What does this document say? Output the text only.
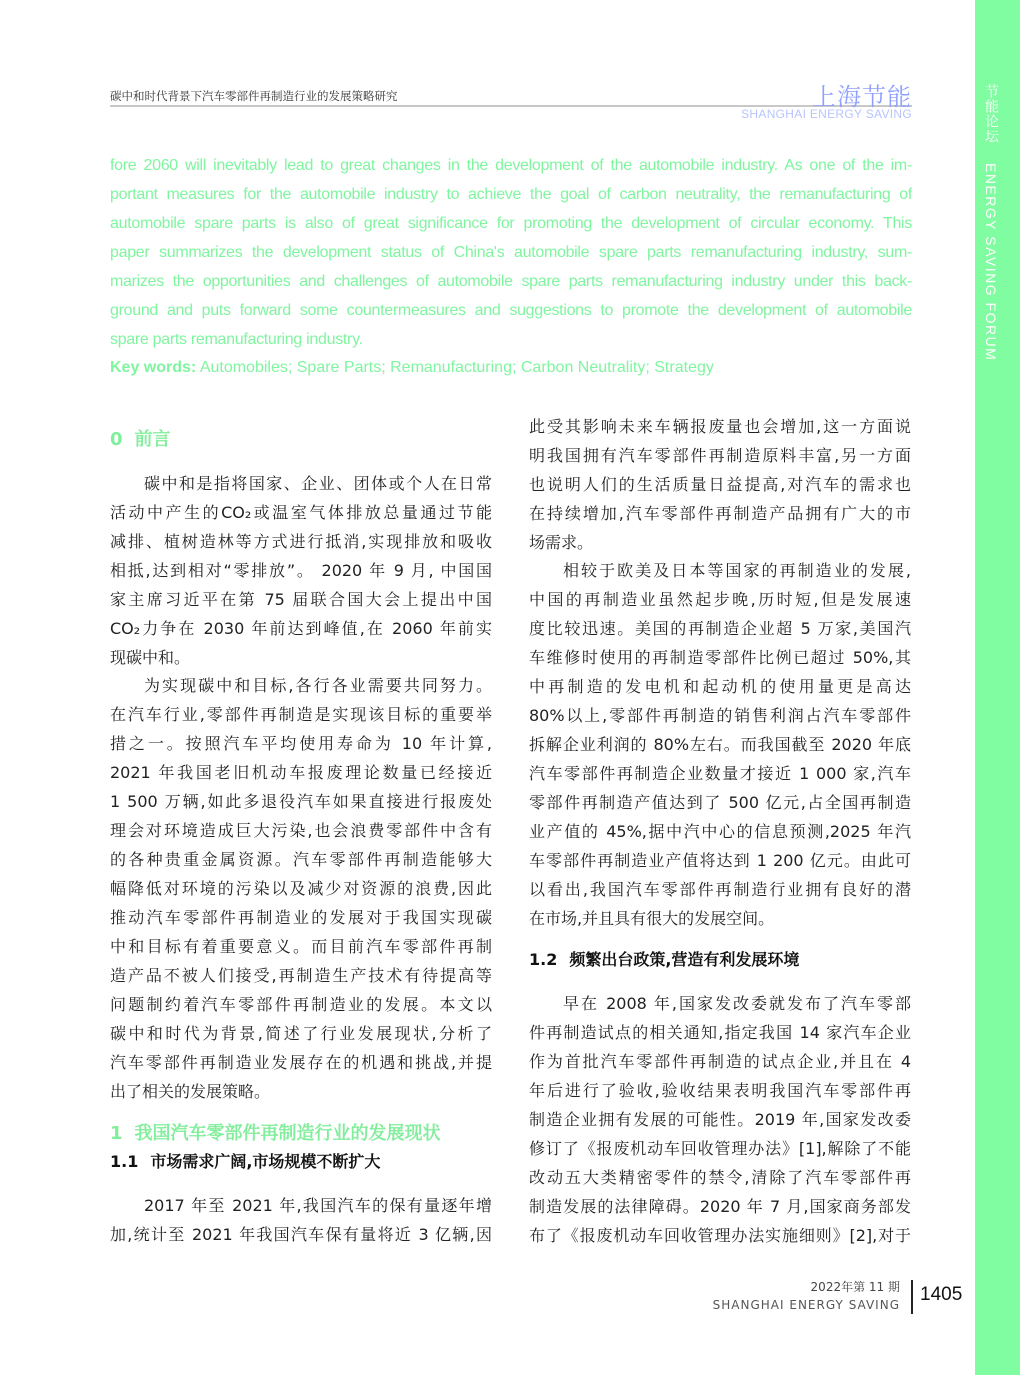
节能论坛 ENERGY SAVING FORUM
碳中和时代背景下汽车零部件再制造行业的发展策略研究	上海节能
SHANGHAI ENERGY SAVING
fore 2060 will inevitably lead to great changes in the development of the automobile industry. As one of the im-
portant measures for the automobile industry to achieve the goal of carbon neutrality, the remanufacturing of
automobile spare parts is also of great significance for promoting the development of circular economy. This
paper summarizes the development status of China's automobile spare parts remanufacturing industry, sum-
marizes the opportunities and challenges of automobile spare parts remanufacturing industry under this back-
ground and puts forward some countermeasures and suggestions to promote the development of automobile
spare parts remanufacturing industry.
Key words: Automobiles; Spare Parts; Remanufacturing; Carbon Neutrality; Strategy
0 前言
碳中和是指将国家、企业、团体或个人在日常
活动中产生的CO₂或温室气体排放总量通过节能
减排、植树造林等方式进行抵消,实现排放和吸收
相抵,达到相对“零排放”。 2020 年 9 月, 中国国
家主席习近平在第 75 届联合国大会上提出中国
CO₂力争在 2030 年前达到峰值,在 2060 年前实
现碳中和。
为实现碳中和目标,各行各业需要共同努力。
在汽车行业,零部件再制造是实现该目标的重要举
措之一。按照汽车平均使用寿命为 10 年计算,
2021 年我国老旧机动车报废理论数量已经接近
1 500 万辆,如此多退役汽车如果直接进行报废处
理会对环境造成巨大污染,也会浪费零部件中含有
的各种贵重金属资源。汽车零部件再制造能够大
幅降低对环境的污染以及减少对资源的浪费,因此
推动汽车零部件再制造业的发展对于我国实现碳
中和目标有着重要意义。而目前汽车零部件再制
造产品不被人们接受,再制造生产技术有待提高等
问题制约着汽车零部件再制造业的发展。本文以
碳中和时代为背景,简述了行业发展现状,分析了
汽车零部件再制造业发展存在的机遇和挑战,并提
出了相关的发展策略。
1 我国汽车零部件再制造行业的发展现状
1.1 市场需求广阔,市场规模不断扩大
2017 年至 2021 年,我国汽车的保有量逐年增
加,统计至 2021 年我国汽车保有量将近 3 亿辆,因
此受其影响未来车辆报废量也会增加,这一方面说
明我国拥有汽车零部件再制造原料丰富,另一方面
也说明人们的生活质量日益提高,对汽车的需求也
在持续增加,汽车零部件再制造产品拥有广大的市
场需求。
相较于欧美及日本等国家的再制造业的发展,
中国的再制造业虽然起步晚,历时短,但是发展速
度比较迅速。美国的再制造企业超 5 万家,美国汽
车维修时使用的再制造零部件比例已超过 50%,其
中再制造的发电机和起动机的使用量更是高达
80%以上,零部件再制造的销售利润占汽车零部件
拆解企业利润的 80%左右。而我国截至 2020 年底
汽车零部件再制造企业数量才接近 1 000 家,汽车
零部件再制造产值达到了 500 亿元,占全国再制造
业产值的 45%,据中汽中心的信息预测,2025 年汽
车零部件再制造业产值将达到 1 200 亿元。由此可
以看出,我国汽车零部件再制造行业拥有良好的潜
在市场,并且具有很大的发展空间。
1.2 频繁出台政策,营造有利发展环境
早在 2008 年,国家发改委就发布了汽车零部
件再制造试点的相关通知,指定我国 14 家汽车企业
作为首批汽车零部件再制造的试点企业,并且在 4
年后进行了验收,验收结果表明我国汽车零部件再
制造企业拥有发展的可能性。2019 年,国家发改委
修订了《报废机动车回收管理办法》[1],解除了不能
改动五大类精密零件的禁令,清除了汽车零部件再
制造发展的法律障碍。2020 年 7 月,国家商务部发
布了《报废机动车回收管理办法实施细则》[2],对于
2022年第 11 期
SHANGHAI ENERGY SAVING 1405
